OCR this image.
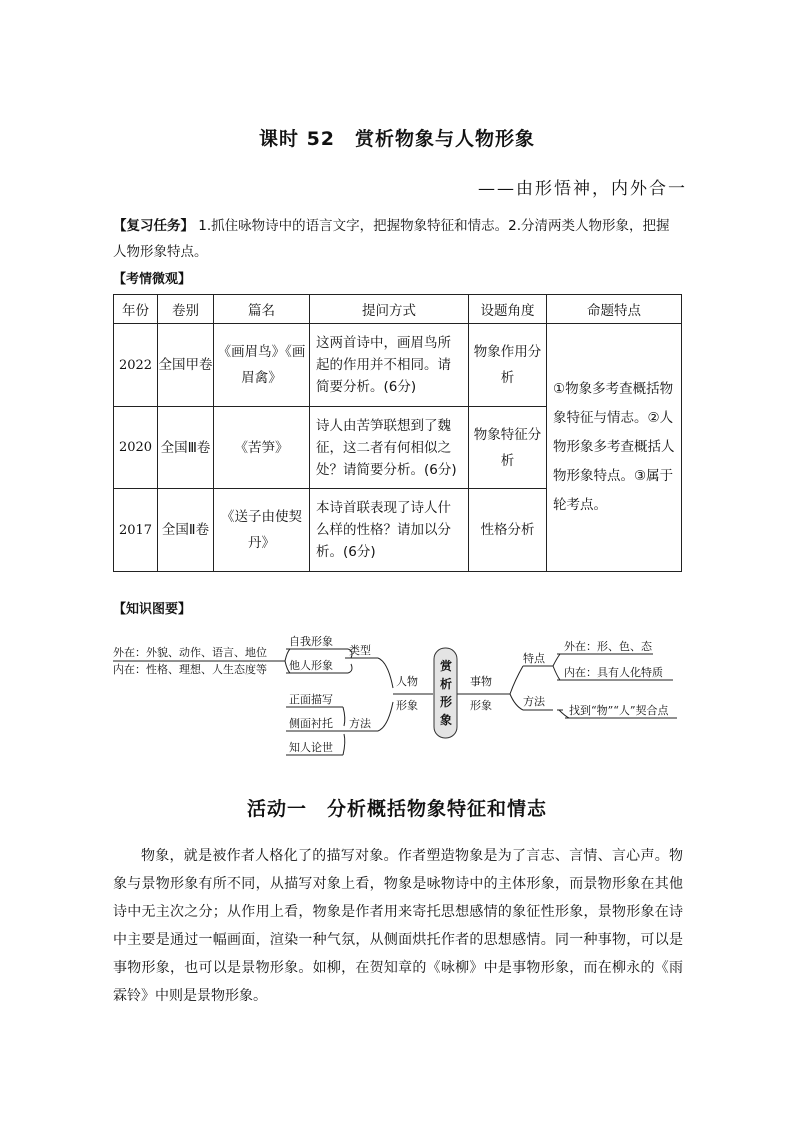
课时 52　赏析物象与人物形象
——由形悟神，内外合一
【复习任务】 1.抓住咏物诗中的语言文字，把握物象特征和情志。2.分清两类人物形象，把握人物形象特点。
【考情微观】
年份	卷别	篇名	提问方式	设题角度	命题特点
2022	全国甲卷	《画眉鸟》《画眉禽》	这两首诗中，画眉鸟所起的作用并不相同。请简要分析。(6分)	物象作用分析	①物象多考查概括物象特征与情志。②人物形象多考查概括人物形象特点。③属于轮考点。
2020	全国Ⅲ卷	《苦笋》	诗人由苦笋联想到了魏征，这二者有何相似之处？请简要分析。(6分)	物象特征分析	
2017	全国Ⅱ卷	《送子由使契丹》	本诗首联表现了诗人什么样的性格？请加以分析。(6分)	性格分析	
【知识图要】
外在：外貌、动作、语言、地位
内在：性格、理想、人生态度等
自我形象
他人形象
类型
正面描写
侧面衬托
知人论世
方法
人物
形象
赏
析
形
象
事物
形象
特点
外在：形、色、态
内在：具有人化特质
方法
找到“物”“人”契合点
活动一　分析概括物象特征和情志
物象，就是被作者人格化了的描写对象。作者塑造物象是为了言志、言情、言心声。物象与景物形象有所不同，从描写对象上看，物象是咏物诗中的主体形象，而景物形象在其他诗中无主次之分；从作用上看，物象是作者用来寄托思想感情的象征性形象，景物形象在诗中主要是通过一幅画面，渲染一种气氛，从侧面烘托作者的思想感情。同一种事物，可以是事物形象，也可以是景物形象。如柳，在贺知章的《咏柳》中是事物形象，而在柳永的《雨霖铃》中则是景物形象。
